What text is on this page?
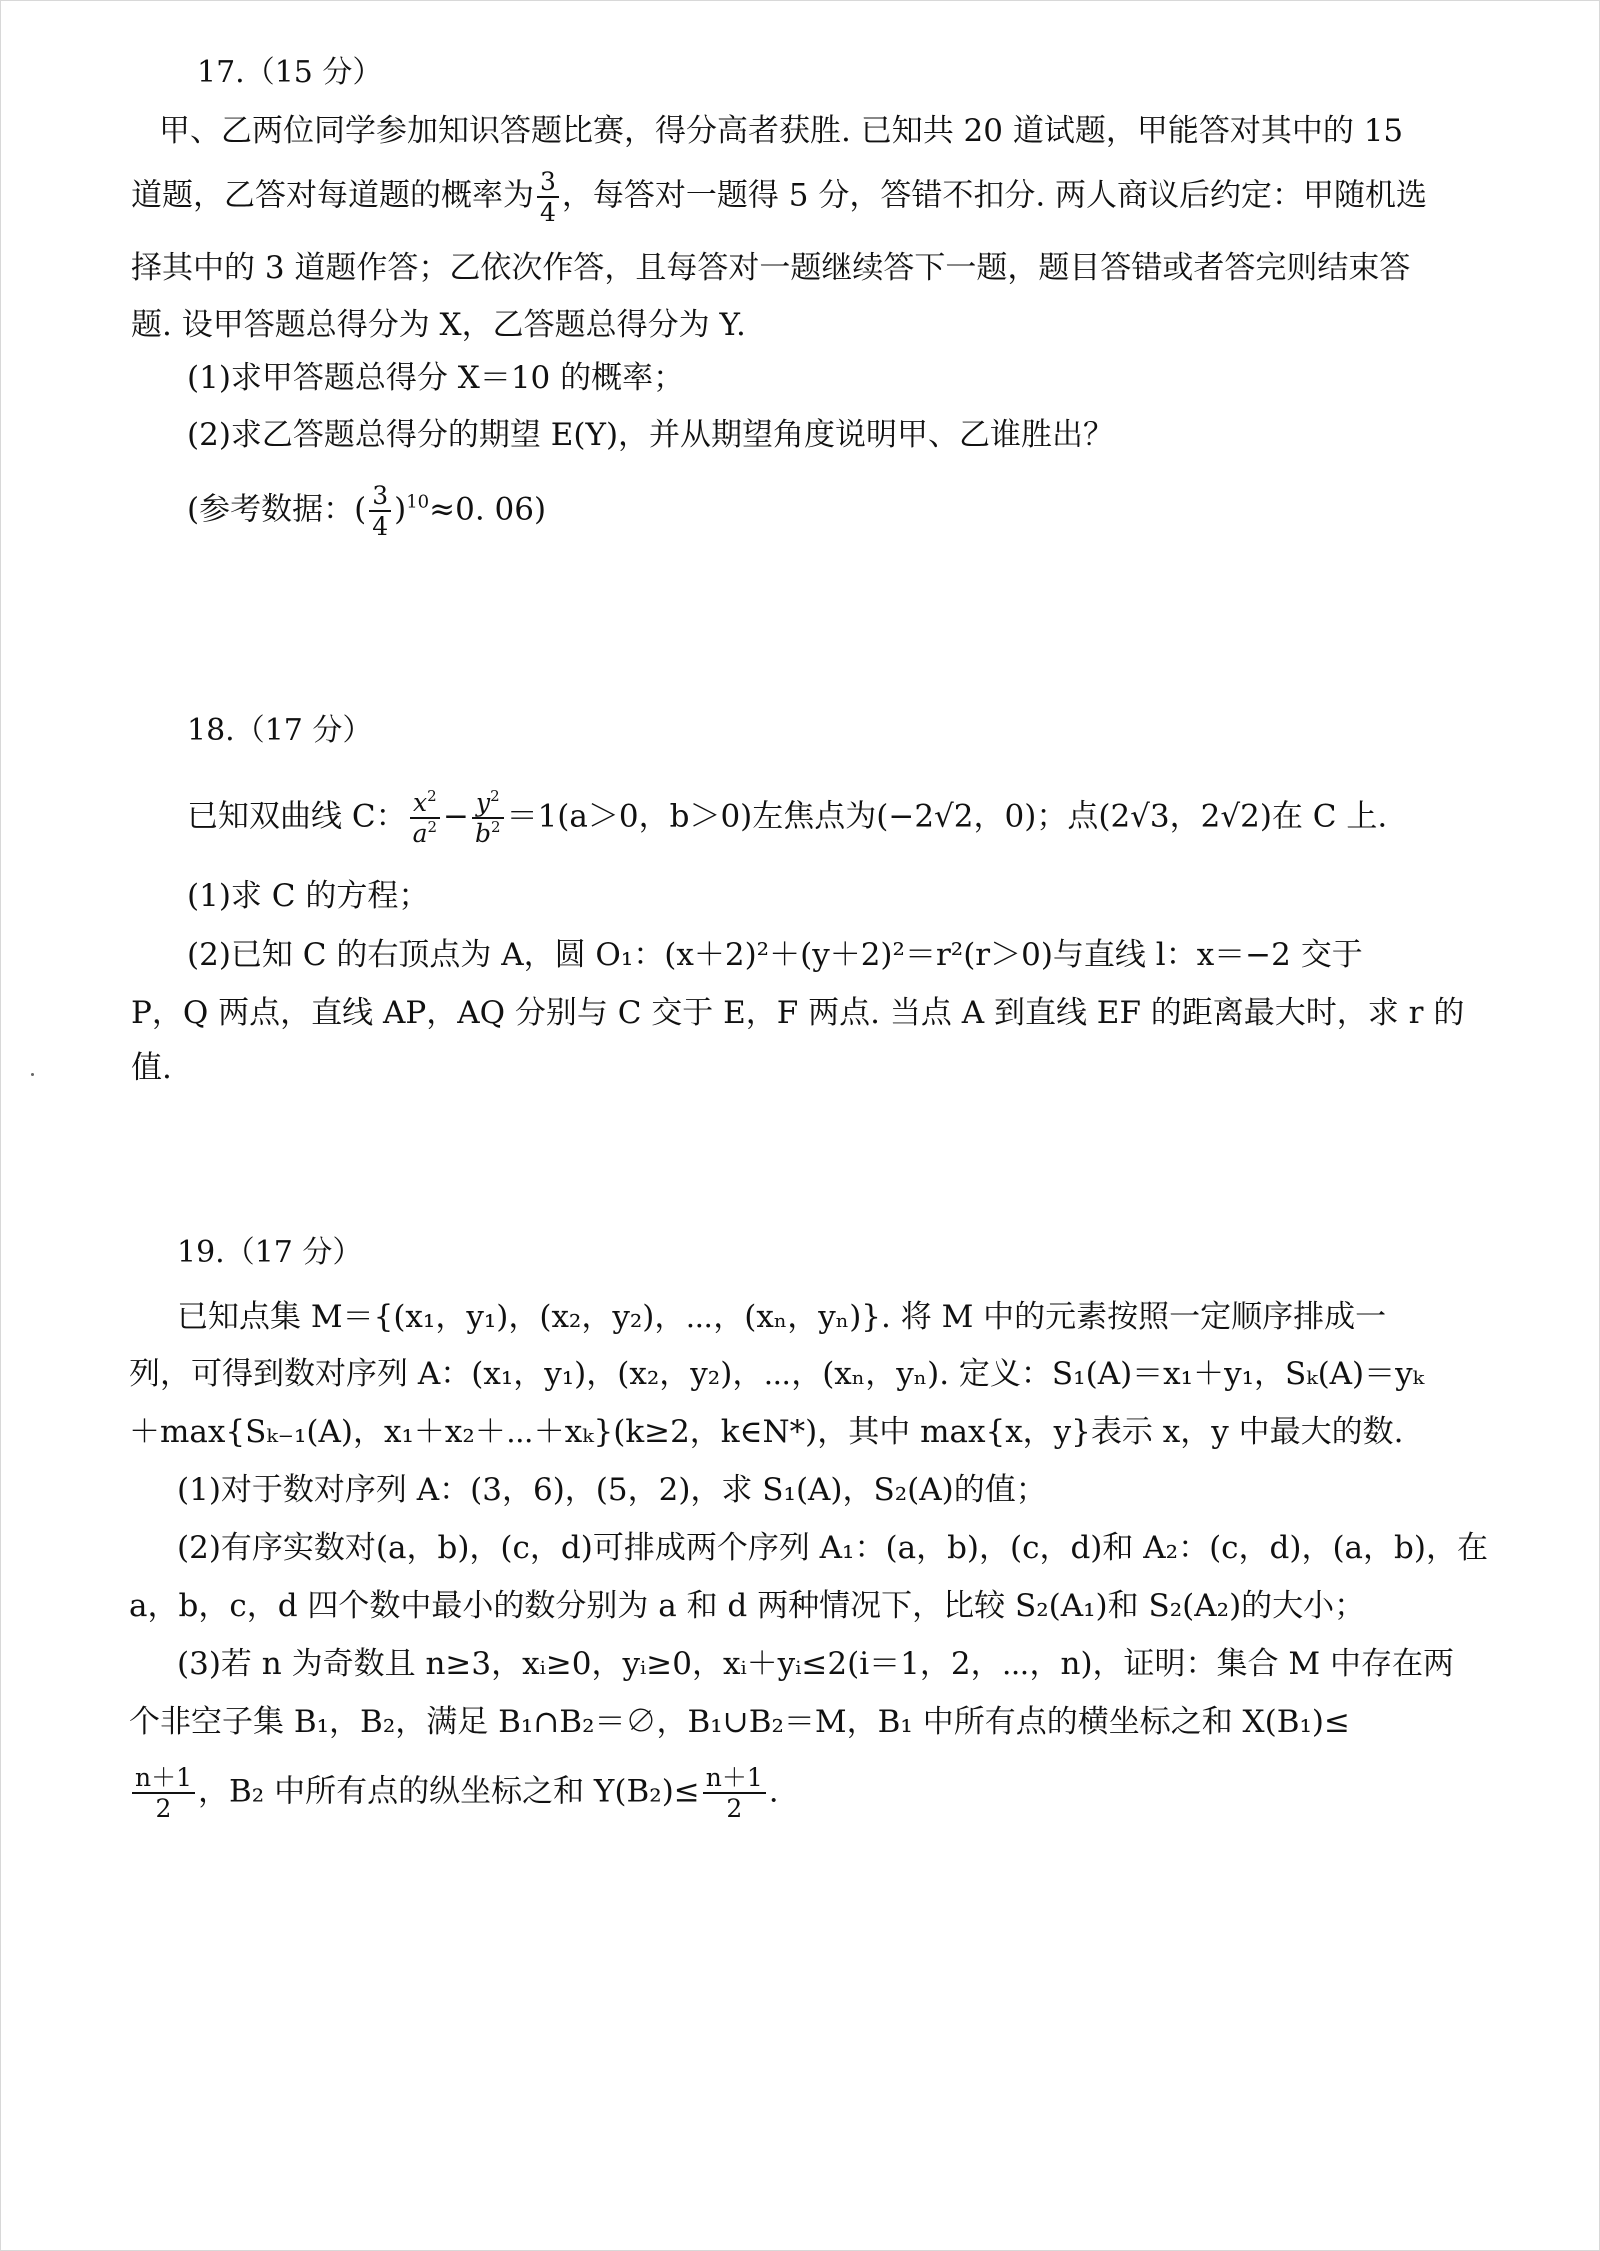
17.（15 分）
甲、乙两位同学参加知识答题比赛，得分高者获胜. 已知共 20 道试题，甲能答对其中的 15
道题，乙答对每道题的概率为 $\frac{3}{4}$ ，每答对一题得 5 分，答错不扣分. 两人商议后约定：甲随机选
择其中的 3 道题作答；乙依次作答，且每答对一题继续答下一题，题目答错或者答完则结束答
题. 设甲答题总得分为 X，乙答题总得分为 Y.
(1)求甲答题总得分 X＝10 的概率；
(2)求乙答题总得分的期望 E(Y)，并从期望角度说明甲、乙谁胜出？
(参考数据：( $\frac{3}{4} )^{10}\approx 0$. 06)
18.（17 分）
已知双曲线 C： $\frac{x^2}{a^2} - \frac{y^2}{b^2} =1(a>0$，b＞0)左焦点为(−2√2，0)；点(2√3，2√2)在 C 上.
(1)求 C 的方程；
(2)已知 C 的右顶点为 A，圆 O₁：(x＋2)²＋(y＋2)²＝r²(r＞0)与直线 l：x＝−2 交于
P，Q 两点，直线 AP，AQ 分别与 C 交于 E，F 两点. 当点 A 到直线 EF 的距离最大时，求 r 的
值.
19.（17 分）
已知点集 M＝{(x₁，y₁)，(x₂，y₂)，⋯，(xₙ，yₙ)}. 将 M 中的元素按照一定顺序排成一
列，可得到数对序列 A：(x₁，y₁)，(x₂，y₂)，⋯，(xₙ，yₙ). 定义：S₁(A)＝x₁＋y₁，Sₖ(A)＝yₖ
＋max{Sₖ₋₁(A)，x₁＋x₂＋⋯＋xₖ}(k≥2，k∈N*)，其中 max{x，y}表示 x，y 中最大的数.
(1)对于数对序列 A：(3，6)，(5，2)，求 S₁(A)，S₂(A)的值；
(2)有序实数对(a，b)，(c，d)可排成两个序列 A₁：(a，b)，(c，d)和 A₂：(c，d)，(a，b)，在
a，b，c，d 四个数中最小的数分别为 a 和 d 两种情况下，比较 S₂(A₁)和 S₂(A₂)的大小；
(3)若 n 为奇数且 n≥3，xᵢ≥0，yᵢ≥0，xᵢ＋yᵢ≤2(i＝1，2，⋯，n)，证明：集合 M 中存在两
个非空子集 B₁，B₂，满足 B₁∩B₂＝∅，B₁∪B₂＝M，B₁ 中所有点的横坐标之和 X(B₁)≤
$\frac{n+1}{2}$ ，B₂ 中所有点的纵坐标之和 $Y(B_2)\le \frac{n+1}{2}$ .
